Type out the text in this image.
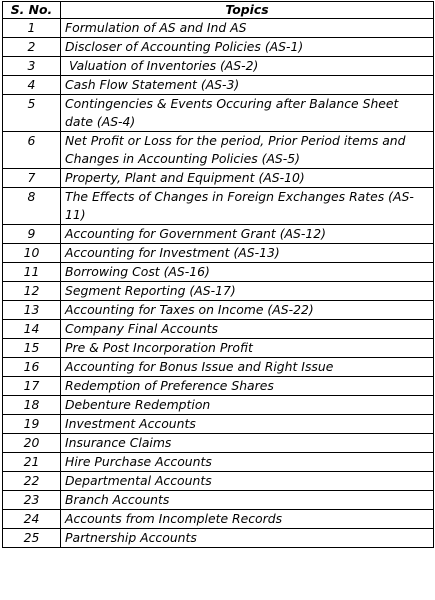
S. No.	Topics
1	Formulation of AS and Ind AS
2	Discloser of Accounting Policies (AS-1)
3	Valuation of Inventories (AS-2)
4	Cash Flow Statement (AS-3)
5	Contingencies & Events Occuring after Balance Sheet date (AS-4)
6	Net Profit or Loss for the period, Prior Period items and Changes in Accounting Policies (AS-5)
7	Property, Plant and Equipment (AS-10)
8	The Effects of Changes in Foreign Exchanges Rates (AS-11)
9	Accounting for Government Grant (AS-12)
10	Accounting for Investment (AS-13)
11	Borrowing Cost (AS-16)
12	Segment Reporting (AS-17)
13	Accounting for Taxes on Income (AS-22)
14	Company Final Accounts
15	Pre & Post Incorporation Profit
16	Accounting for Bonus Issue and Right Issue
17	Redemption of Preference Shares
18	Debenture Redemption
19	Investment Accounts
20	Insurance Claims
21	Hire Purchase Accounts
22	Departmental Accounts
23	Branch Accounts
24	Accounts from Incomplete Records
25	Partnership Accounts
